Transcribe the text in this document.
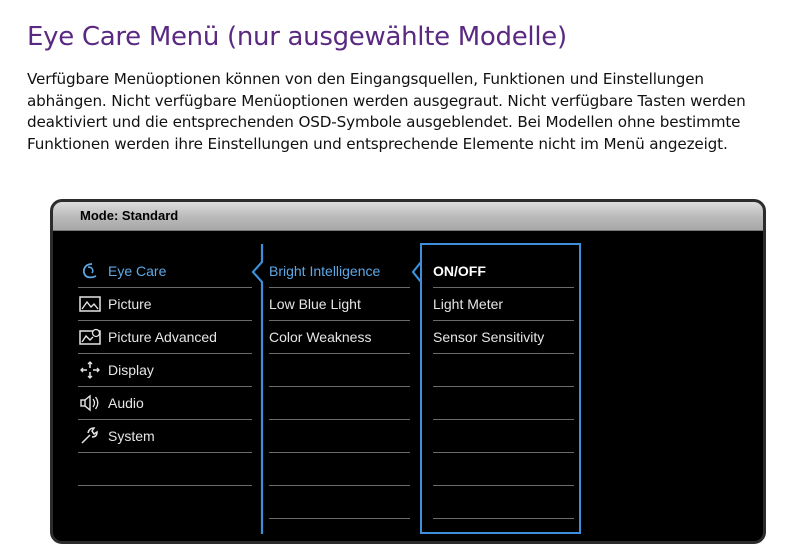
Eye Care Menü (nur ausgewählte Modelle)
Verfügbare Menüoptionen können von den Eingangsquellen, Funktionen und Einstellungen
abhängen. Nicht verfügbare Menüoptionen werden ausgegraut. Nicht verfügbare Tasten werden
deaktiviert und die entsprechenden OSD-Symbole ausgeblendet. Bei Modellen ohne bestimmte
Funktionen werden ihre Einstellungen und entsprechende Elemente nicht im Menü angezeigt.
Mode: Standard
Eye Care
Picture
Picture Advanced
Display
Audio
System
Bright Intelligence
Low Blue Light
Color Weakness
ON/OFF
Light Meter
Sensor Sensitivity
